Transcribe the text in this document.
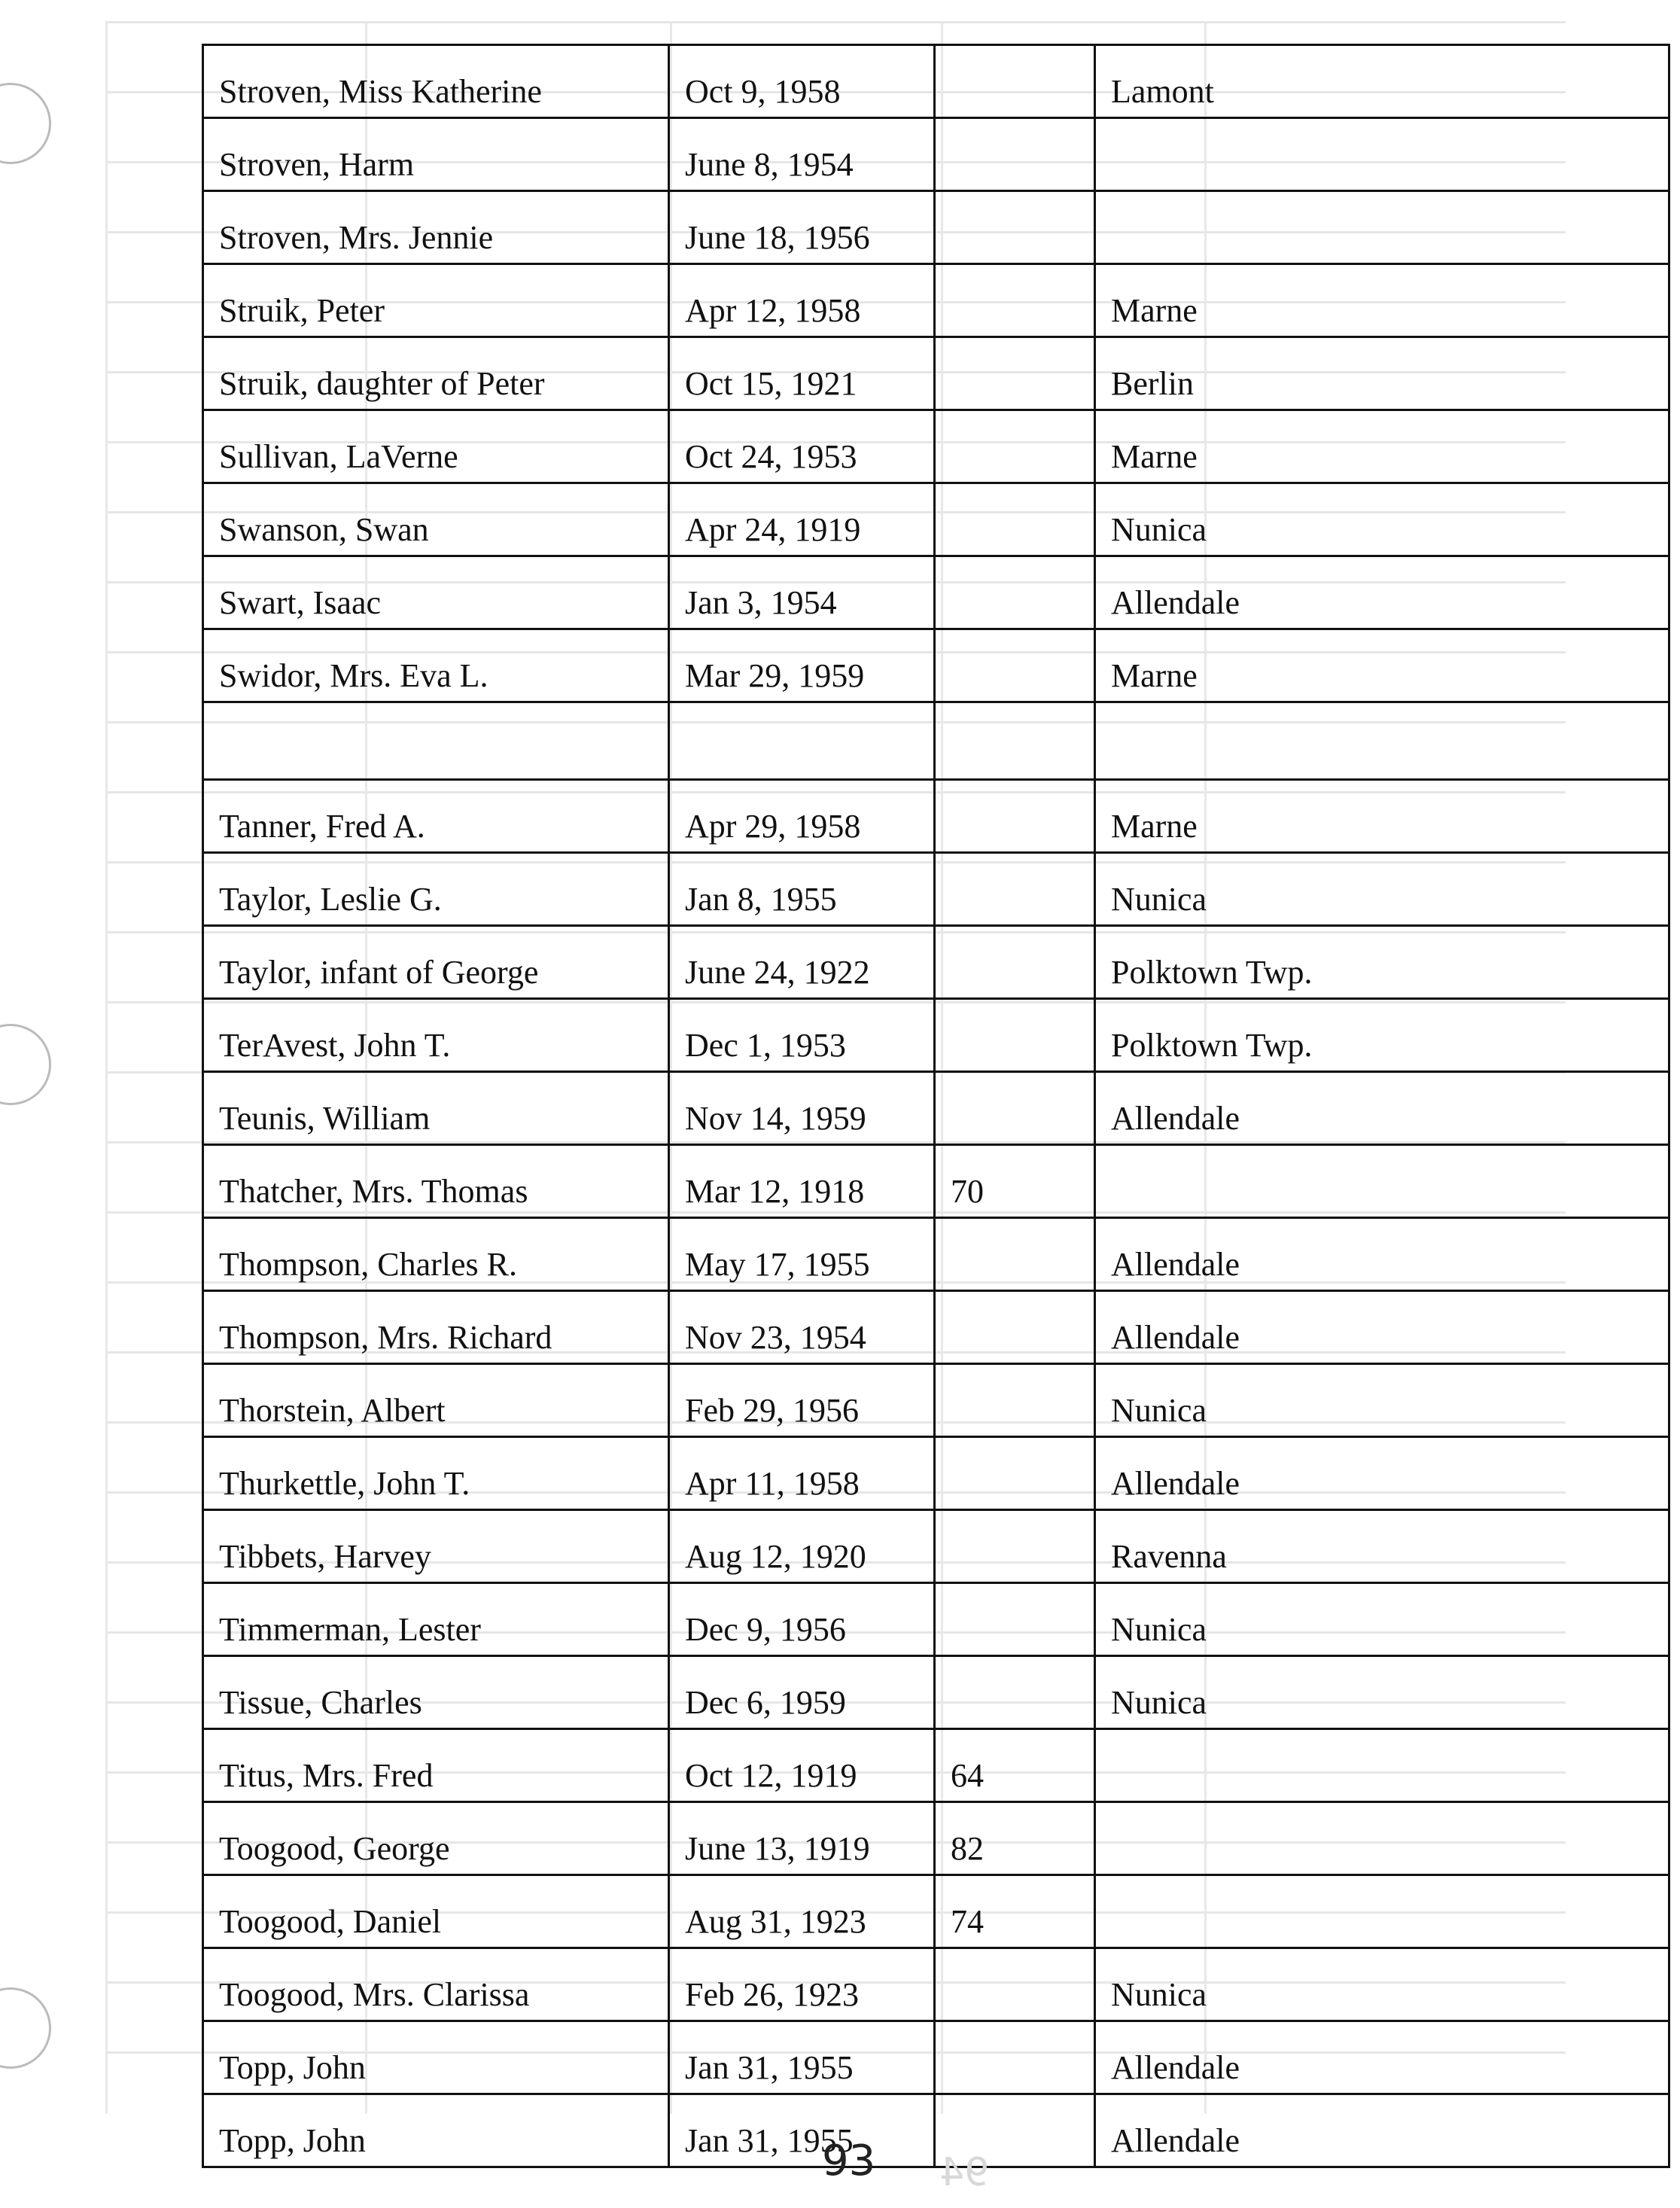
Stroven, Miss Katherine	Oct 9, 1958		Lamont
Stroven, Harm	June 8, 1954		
Stroven, Mrs. Jennie	June 18, 1956		
Struik, Peter	Apr 12, 1958		Marne
Struik, daughter of Peter	Oct 15, 1921		Berlin
Sullivan, LaVerne	Oct 24, 1953		Marne
Swanson, Swan	Apr 24, 1919		Nunica
Swart, Isaac	Jan 3, 1954		Allendale
Swidor, Mrs. Eva L.	Mar 29, 1959		Marne

Tanner, Fred A.	Apr 29, 1958		Marne
Taylor, Leslie G.	Jan 8, 1955		Nunica
Taylor, infant of George	June 24, 1922		Polktown Twp.
TerAvest, John T.	Dec 1, 1953		Polktown Twp.
Teunis, William	Nov 14, 1959		Allendale
Thatcher, Mrs. Thomas	Mar 12, 1918	70	
Thompson, Charles R.	May 17, 1955		Allendale
Thompson, Mrs. Richard	Nov 23, 1954		Allendale
Thorstein, Albert	Feb 29, 1956		Nunica
Thurkettle, John T.	Apr 11, 1958		Allendale
Tibbets, Harvey	Aug 12, 1920		Ravenna
Timmerman, Lester	Dec 9, 1956		Nunica
Tissue, Charles	Dec 6, 1959		Nunica
Titus, Mrs. Fred	Oct 12, 1919	64	
Toogood, George	June 13, 1919	82	
Toogood, Daniel	Aug 31, 1923	74	
Toogood, Mrs. Clarissa	Feb 26, 1923		Nunica
Topp, John	Jan 31, 1955		Allendale
Topp, John	Jan 31, 1955		Allendale
93 94
